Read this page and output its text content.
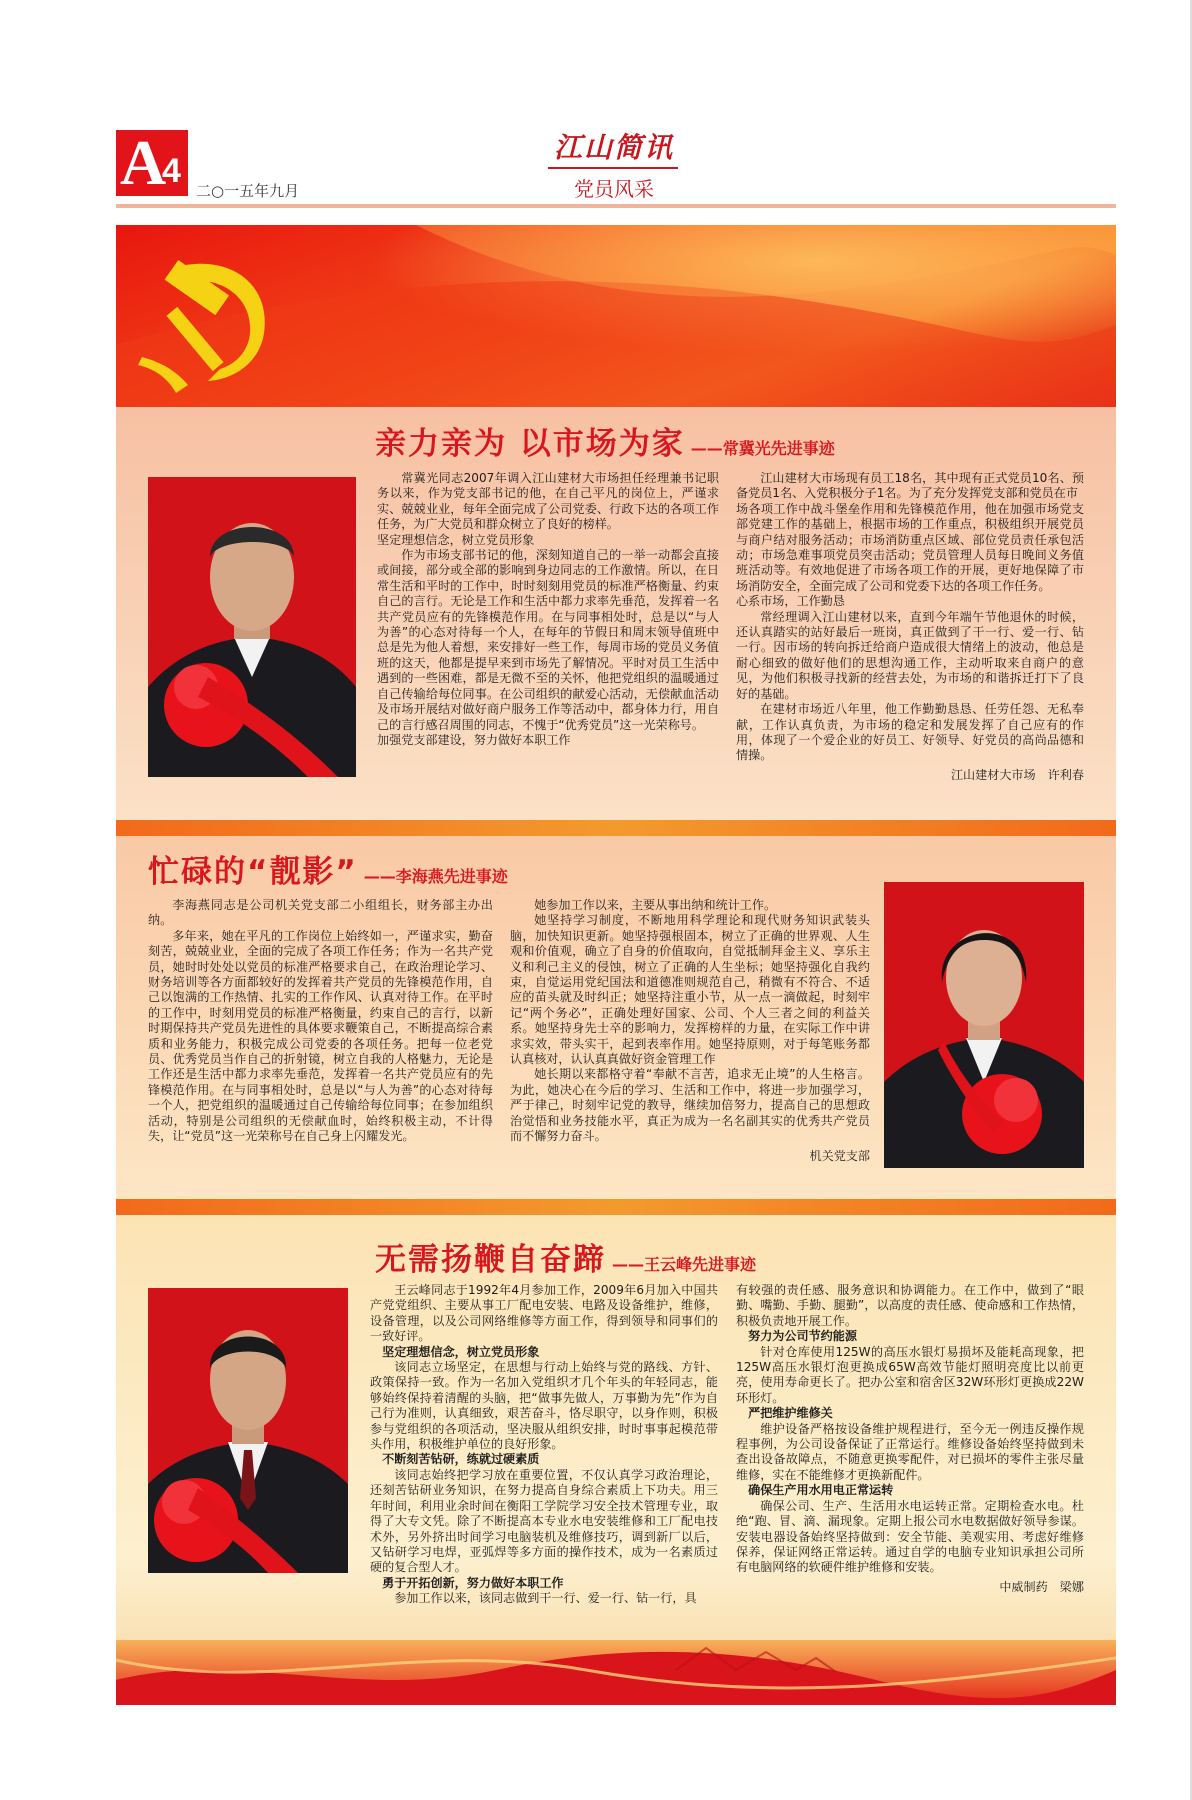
A
4
二○一五年九月
江山简讯
党员风采
亲力亲为 以市场为家 ——常冀光先进事迹

常冀光同志2007年调入江山建材大市场担任经理兼书记职务以来，作为党支部书记的他，在自己平凡的岗位上，严谨求实、兢兢业业，每年全面完成了公司党委、行政下达的各项工作任务，为广大党员和群众树立了良好的榜样。

坚定理想信念，树立党员形象

作为市场支部书记的他，深刻知道自己的一举一动都会直接或间接，部分或全部的影响到身边同志的工作激情。所以，在日常生活和平时的工作中，时时刻刻用党员的标准严格衡量、约束自己的言行。无论是工作和生活中都力求率先垂范，发挥着一名共产党员应有的先锋模范作用。在与同事相处时，总是以“与人为善”的心态对待每一个人，在每年的节假日和周末领导值班中总是先为他人着想，来安排好一些工作，每周市场的党员义务值班的这天，他都是提早来到市场先了解情况。平时对员工生活中遇到的一些困难，都是无微不至的关怀，他把党组织的温暖通过自己传输给每位同事。在公司组织的献爱心活动，无偿献血活动及市场开展结对做好商户服务工作等活动中，都身体力行，用自己的言行感召周围的同志，不愧于“优秀党员”这一光荣称号。

加强党支部建设，努力做好本职工作

江山建材大市场现有员工18名，其中现有正式党员10名、预备党员1名、入党积极分子1名。为了充分发挥党支部和党员在市

场各项工作中战斗堡垒作用和先锋模范作用，他在加强市场党支部党建工作的基础上，根据市场的工作重点，积极组织开展党员与商户结对服务活动；市场消防重点区域、部位党员责任承包活动；市场急难事项党员突击活动；党员管理人员每日晚间义务值班活动等。有效地促进了市场各项工作的开展，更好地保障了市场消防安全，全面完成了公司和党委下达的各项工作任务。

心系市场，工作勤恳

常经理调入江山建材以来，直到今年端午节他退休的时候，还认真踏实的站好最后一班岗，真正做到了干一行、爱一行、钻一行。因市场的转向拆迁给商户造成很大情绪上的波动，他总是耐心细致的做好他们的思想沟通工作，主动听取来自商户的意见，为他们积极寻找新的经营去处，为市场的和谐拆迁打下了良好的基础。

在建材市场近八年里，他工作勤勤恳恳、任劳任怨、无私奉献，工作认真负责，为市场的稳定和发展发挥了自己应有的作用，体现了一个爱企业的好员工、好领导、好党员的高尚品德和情操。

江山建材大市场　许利春
忙碌的“靓影” ——李海燕先进事迹

李海燕同志是公司机关党支部二小组组长，财务部主办出纳。

多年来，她在平凡的工作岗位上始终如一，严谨求实，勤奋刻苦，兢兢业业，全面的完成了各项工作任务；作为一名共产党员，她时时处处以党员的标准严格要求自己，在政治理论学习、财务培训等各方面都较好的发挥着共产党员的先锋模范作用，自己以饱满的工作热情、扎实的工作作风、认真对待工作。在平时的工作中，时刻用党员的标准严格衡量，约束自己的言行，以新时期保持共产党员先进性的具体要求鞭策自己，不断提高综合素质和业务能力，积极完成公司党委的各项任务。把每一位老党员、优秀党员当作自己的折射镜，树立自我的人格魅力，无论是工作还是生活中都力求率先垂范，发挥着一名共产党员应有的先锋模范作用。在与同事相处时，总是以“与人为善”的心态对待每一个人，把党组织的温暖通过自己传输给每位同事；在参加组织活动，特别是公司组织的无偿献血时，始终积极主动，不计得失，让“党员”这一光荣称号在自己身上闪耀发光。

她参加工作以来，主要从事出纳和统计工作。

她坚持学习制度，不断地用科学理论和现代财务知识武装头脑，加快知识更新。她坚持强根固本，树立了正确的世界观、人生观和价值观，确立了自身的价值取向，自觉抵制拜金主义、享乐主义和利己主义的侵蚀，树立了正确的人生坐标；她坚持强化自我约束，自觉运用党纪国法和道德准则规范自己，稍微有不符合、不适应的苗头就及时纠正；她坚持注重小节，从一点一滴做起，时刻牢记“两个务必”，正确处理好国家、公司、个人三者之间的利益关系。她坚持身先士卒的影响力，发挥榜样的力量，在实际工作中讲求实效，带头实干，起到表率作用。她坚持原则，对于每笔账务都认真核对，认认真真做好资金管理工作

她长期以来都格守着“奉献不言苦，追求无止境”的人生格言。为此，她决心在今后的学习、生活和工作中，将进一步加强学习，严于律己，时刻牢记党的教导，继续加倍努力，提高自己的思想政治觉悟和业务技能水平，真正为成为一名名副其实的优秀共产党员而不懈努力奋斗。

机关党支部
无需扬鞭自奋蹄 ——王云峰先进事迹

王云峰同志于1992年4月参加工作，2009年6月加入中国共产党党组织、主要从事工厂配电安装、电路及设备维护，维修，设备管理，以及公司网络维修等方面工作，得到领导和同事们的一致好评。

坚定理想信念，树立党员形象

该同志立场坚定，在思想与行动上始终与党的路线、方针、政策保持一致。作为一名加入党组织才几个年头的年轻同志，能够始终保持着清醒的头脑，把“做事先做人，万事勤为先”作为自己行为准则，认真细致，艰苦奋斗，恪尽职守，以身作则，积极参与党组织的各项活动，坚决服从组织安排，时时事事起模范带头作用，积极维护单位的良好形象。

不断刻苦钻研，练就过硬素质

该同志始终把学习放在重要位置，不仅认真学习政治理论，还刻苦钻研业务知识，在努力提高自身综合素质上下功夫。用三年时间，利用业余时间在衡阳工学院学习安全技术管理专业，取得了大专文凭。除了不断提高本专业水电安装维修和工厂配电技术外，另外挤出时间学习电脑装机及维修技巧，调到新厂以后，又钻研学习电焊，亚弧焊等多方面的操作技术，成为一名素质过硬的复合型人才。

勇于开拓创新，努力做好本职工作

参加工作以来，该同志做到干一行、爱一行、钻一行，具

有较强的责任感、服务意识和协调能力。在工作中，做到了“眼勤、嘴勤、手勤、腿勤”，以高度的责任感、使命感和工作热情，积极负责地开展工作。

努力为公司节约能源

针对仓库使用125W的高压水银灯易损坏及能耗高现象，把125W高压水银灯泡更换成65W高效节能灯照明亮度比以前更亮，使用寿命更长了。把办公室和宿舍区32W环形灯更换成22W环形灯。

严把维护维修关

维护设备严格按设备维护规程进行，至今无一例违反操作规程事例，为公司设备保证了正常运行。维修设备始终坚持做到未查出设备故障点，不随意更换零配件，对已损坏的零件主张尽量维修，实在不能维修才更换新配件。

确保生产用水用电正常运转

确保公司、生产、生活用水电运转正常。定期检查水电。杜绝“跑、冒、滴、漏现象。定期上报公司水电数据做好领导参谋。安装电器设备始终坚持做到：安全节能、美观实用、考虑好维修保养，保证网络正常运转。通过自学的电脑专业知识承担公司所有电脑网络的软硬件维护维修和安装。

中威制药　梁娜
